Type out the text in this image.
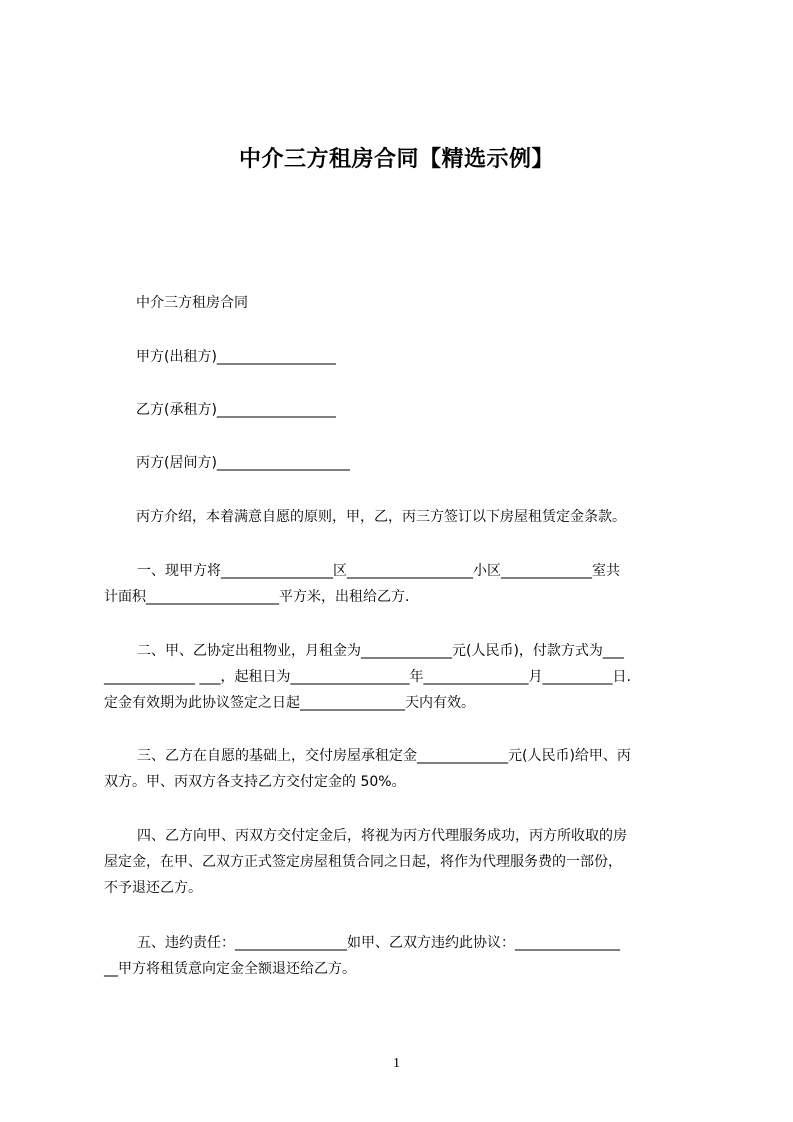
中介三方租房合同【精选示例】
中介三方租房合同
甲方(出租方)_________________
乙方(承租方)_________________
丙方(居间方)___________________
丙方介绍，本着满意自愿的原则，甲，乙，丙三方签订以下房屋租赁定金条款。
一、现甲方将________________区__________________小区_____________室共
计面积___________________平方米，出租给乙方.
二、甲、乙协定出租物业，月租金为_____________元(人民币)，付款方式为___
_____________ ___，起租日为_________________年_______________月__________日.
定金有效期为此协议签定之日起_______________天内有效。
三、乙方在自愿的基础上，交付房屋承租定金_____________元(人民币)给甲、丙
双方。甲、丙双方各支持乙方交付定金的 50%。
四、乙方向甲、丙双方交付定金后，将视为丙方代理服务成功，丙方所收取的房
屋定金，在甲、乙双方正式签定房屋租赁合同之日起，将作为代理服务费的一部份，
不予退还乙方。
五、违约责任：________________如甲、乙双方违约此协议：_______________
__甲方将租赁意向定金全额退还给乙方。
1
